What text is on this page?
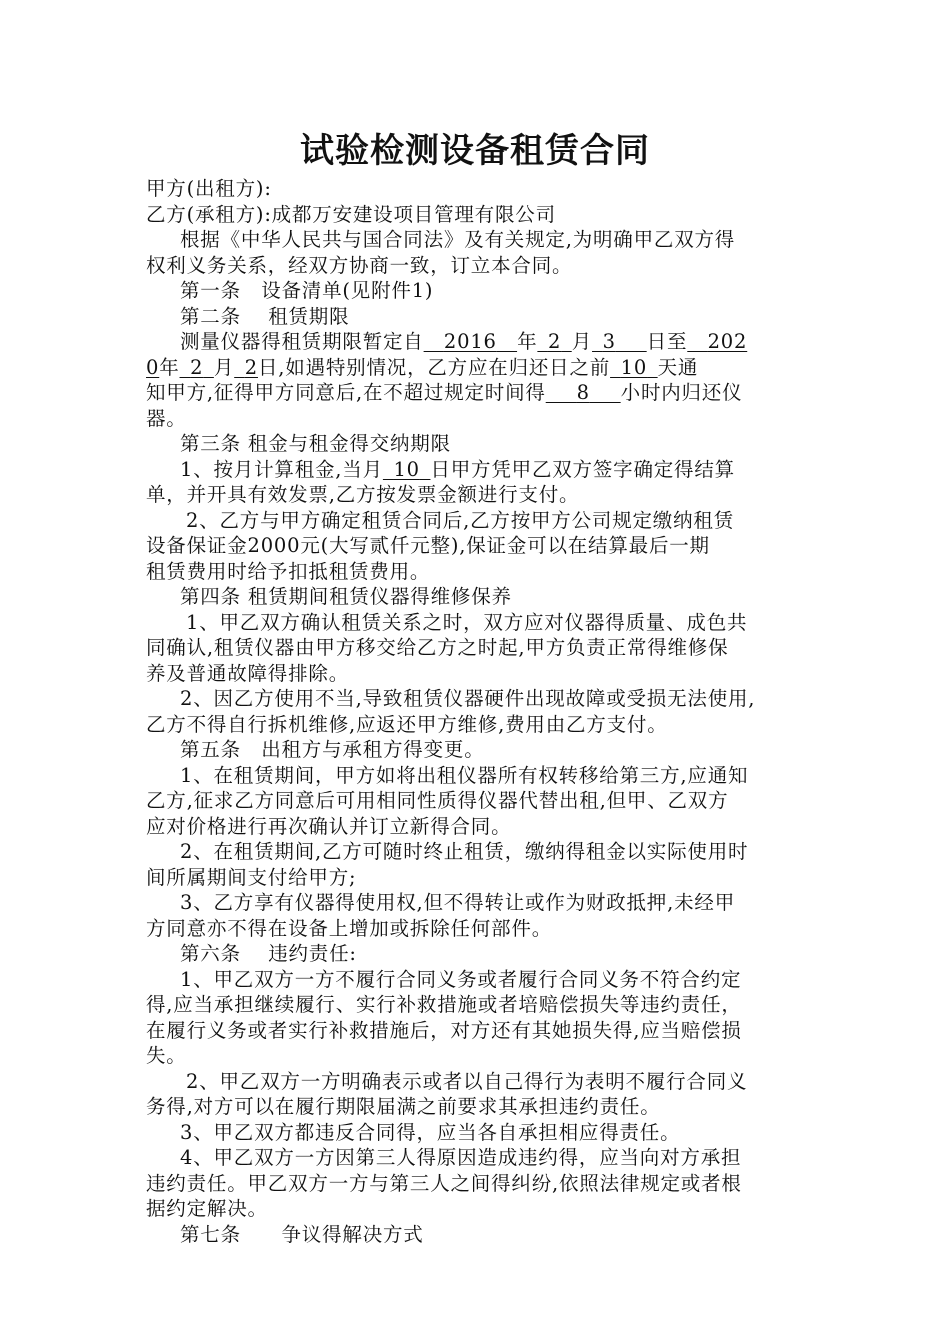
试验检测设备租赁合同

甲方(出租方):

乙方(承租方):成都万安建设项目管理有限公司

根据《中华人民共与国合同法》及有关规定,为明确甲乙双方得

权利义务关系，经双方协商一致，订立本合同。

第一条　设备清单(见附件1)

第二条　 租赁期限

测量仪器得租赁期限暂定自  2016  年  2  月  3   日至  202

0年  2  月  2日,如遇特别情况，乙方应在归还日之前  10  天通

知甲方,征得甲方同意后,在不超过规定时间得   8   小时内归还仪

器。

第三条 租金与租金得交纳期限

1、按月计算租金,当月  10  日甲方凭甲乙双方签字确定得结算

单，并开具有效发票,乙方按发票金额进行支付。

2、乙方与甲方确定租赁合同后,乙方按甲方公司规定缴纳租赁

设备保证金2000元(大写贰仟元整),保证金可以在结算最后一期

租赁费用时给予扣抵租赁费用。

第四条 租赁期间租赁仪器得维修保养

1、甲乙双方确认租赁关系之时，双方应对仪器得质量、成色共

同确认,租赁仪器由甲方移交给乙方之时起,甲方负责正常得维修保

养及普通故障得排除。

2、因乙方使用不当,导致租赁仪器硬件出现故障或受损无法使用,

乙方不得自行拆机维修,应返还甲方维修,费用由乙方支付。

第五条　出租方与承租方得变更。

1、在租赁期间，甲方如将出租仪器所有权转移给第三方,应通知

乙方,征求乙方同意后可用相同性质得仪器代替出租,但甲、乙双方

应对价格进行再次确认并订立新得合同。

2、在租赁期间,乙方可随时终止租赁，缴纳得租金以实际使用时

间所属期间支付给甲方;

3、乙方享有仪器得使用权,但不得转让或作为财政抵押,未经甲

方同意亦不得在设备上增加或拆除任何部件。

第六条　 违约责任:

1、甲乙双方一方不履行合同义务或者履行合同义务不符合约定

得,应当承担继续履行、实行补救措施或者培赔偿损失等违约责任，

在履行义务或者实行补救措施后，对方还有其她损失得,应当赔偿损

失。

2、甲乙双方一方明确表示或者以自己得行为表明不履行合同义

务得,对方可以在履行期限届满之前要求其承担违约责任。

3、甲乙双方都违反合同得，应当各自承担相应得责任。

4、甲乙双方一方因第三人得原因造成违约得，应当向对方承担

违约责任。甲乙双方一方与第三人之间得纠纷,依照法律规定或者根

据约定解决。

第七条　　争议得解决方式
